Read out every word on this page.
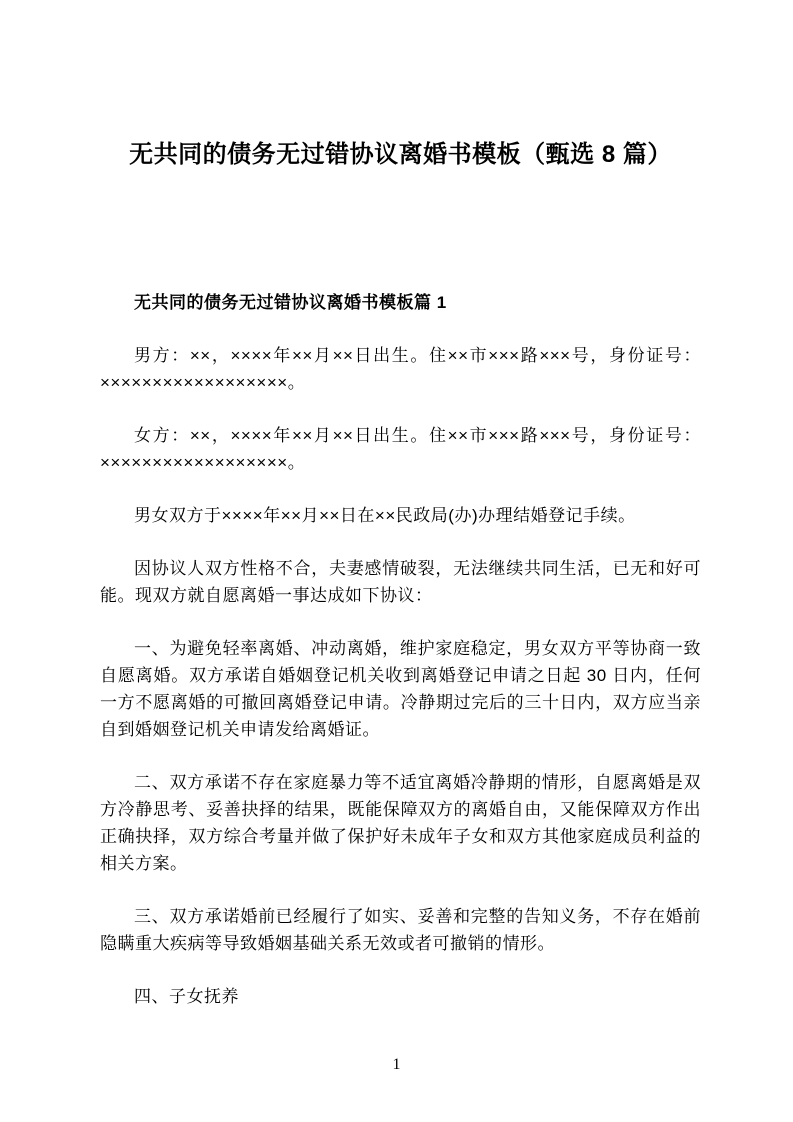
无共同的债务无过错协议离婚书模板（甄选 8 篇）
无共同的债务无过错协议离婚书模板篇 1

男方：××，××××年××月××日出生。住××市×××路×××号，身份证号：××××××××××××××××××。

女方：××，××××年××月××日出生。住××市×××路×××号，身份证号：××××××××××××××××××。

男女双方于××××年××月××日在××民政局(办)办理结婚登记手续。

因协议人双方性格不合，夫妻感情破裂，无法继续共同生活，已无和好可能。现双方就自愿离婚一事达成如下协议：

一、为避免轻率离婚、冲动离婚，维护家庭稳定，男女双方平等协商一致自愿离婚。双方承诺自婚姻登记机关收到离婚登记申请之日起 30 日内，任何一方不愿离婚的可撤回离婚登记申请。冷静期过完后的三十日内，双方应当亲自到婚姻登记机关申请发给离婚证。

二、双方承诺不存在家庭暴力等不适宜离婚冷静期的情形，自愿离婚是双方冷静思考、妥善抉择的结果，既能保障双方的离婚自由，又能保障双方作出正确抉择，双方综合考量并做了保护好未成年子女和双方其他家庭成员利益的相关方案。

三、双方承诺婚前已经履行了如实、妥善和完整的告知义务，不存在婚前隐瞒重大疾病等导致婚姻基础关系无效或者可撤销的情形。

四、子女抚养

1
